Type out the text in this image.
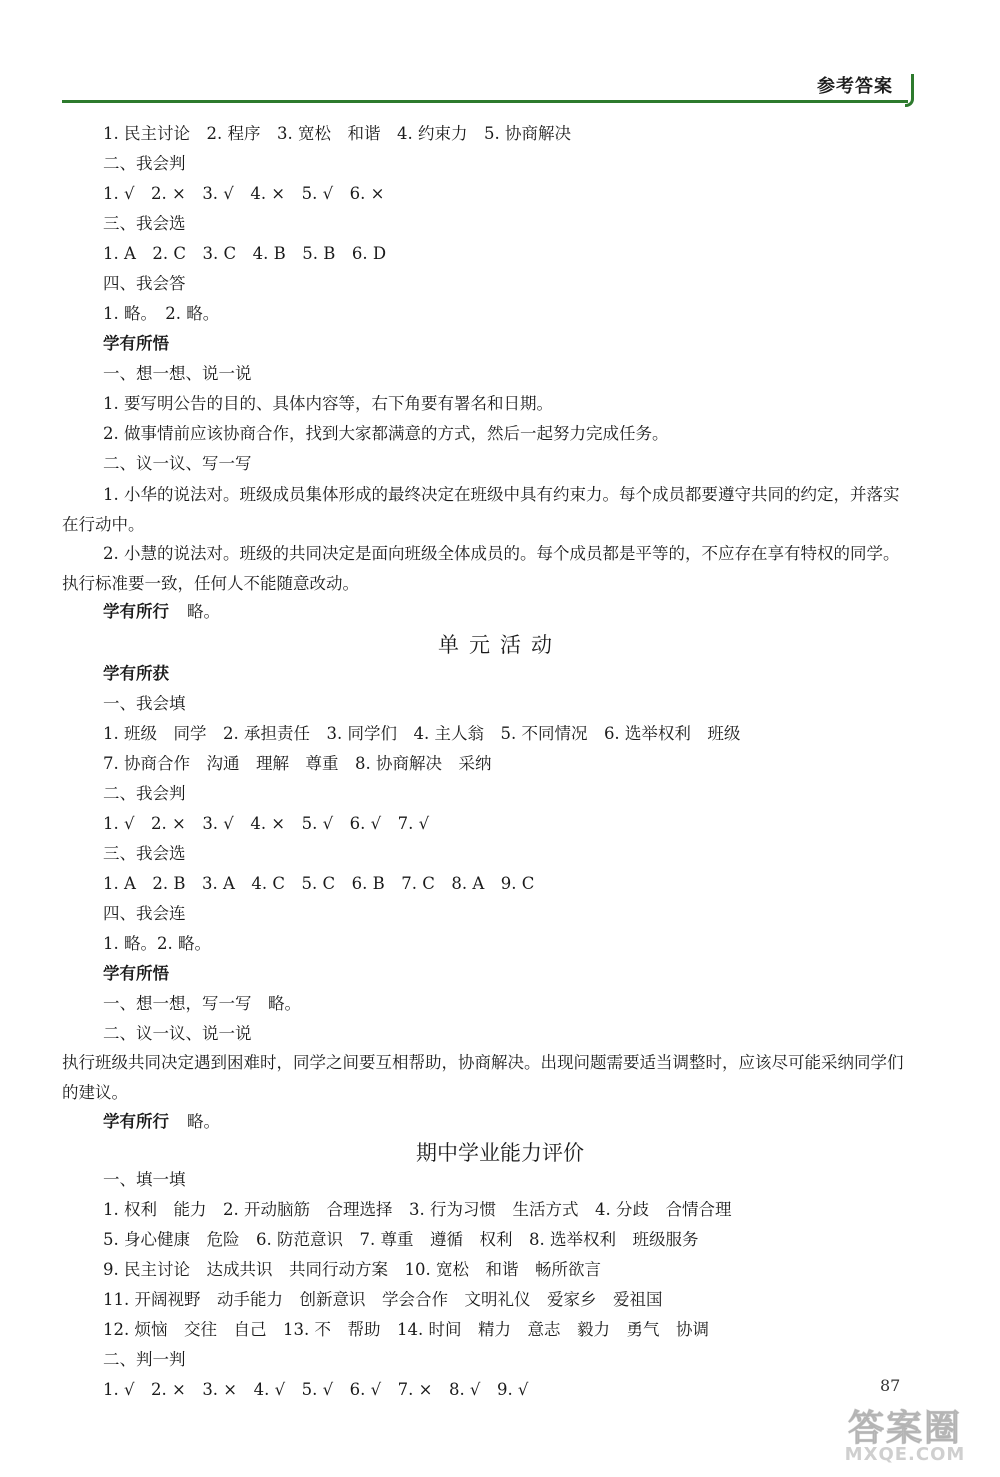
参考答案
1. 民主讨论　2. 程序　3. 宽松　和谐　4. 约束力　5. 协商解决
二、我会判
1. √　2. ×　3. √　4. ×　5. √　6. ×
三、我会选
1. A　2. C　3. C　4. B　5. B　6. D
四、我会答
1. 略。　2. 略。
学有所悟
一、想一想、说一说
1. 要写明公告的目的、具体内容等，右下角要有署名和日期。
2. 做事情前应该协商合作，找到大家都满意的方式，然后一起努力完成任务。
二、议一议、写一写
1. 小华的说法对。班级成员集体形成的最终决定在班级中具有约束力。每个成员都要遵守共同的约定，并落实在行动中。
2. 小慧的说法对。班级的共同决定是面向班级全体成员的。每个成员都是平等的，不应存在享有特权的同学。执行标准要一致，任何人不能随意改动。
学有所行 略。
单元活动
学有所获
一、我会填
1. 班级　同学　2. 承担责任　3. 同学们　4. 主人翁　5. 不同情况　6. 选举权利　班级
7. 协商合作　沟通　理解　尊重　8. 协商解决　采纳
二、我会判
1. √　2. ×　3. √　4. ×　5. √　6. √　7. √
三、我会选
1. A　2. B　3. A　4. C　5. C　6. B　7. C　8. A　9. C
四、我会连
1. 略。2. 略。
学有所悟
一、想一想，写一写　略。
二、议一议、说一说
执行班级共同决定遇到困难时，同学之间要互相帮助，协商解决。出现问题需要适当调整时，应该尽可能采纳同学们的建议。
学有所行 略。
期中学业能力评价
一、填一填
1. 权利　能力　2. 开动脑筋　合理选择　3. 行为习惯　生活方式　4. 分歧　合情合理
5. 身心健康　危险　6. 防范意识　7. 尊重　遵循　权利　8. 选举权利　班级服务
9. 民主讨论　达成共识　共同行动方案　10. 宽松　和谐　畅所欲言
11. 开阔视野　动手能力　创新意识　学会合作　文明礼仪　爱家乡　爱祖国
12. 烦恼　交往　自己　13. 不　帮助　14. 时间　精力　意志　毅力　勇气　协调
二、判一判
1. √　2. ×　3. ×　4. √　5. √　6. √　7. ×　8. √　9. √	87
答案圈
MXQE.COM
